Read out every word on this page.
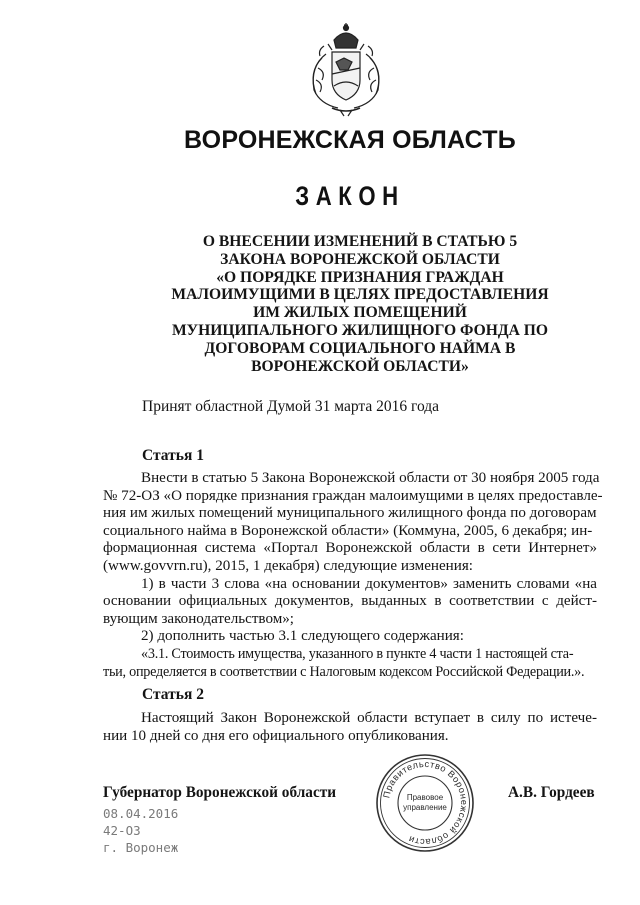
ВОРОНЕЖСКАЯ ОБЛАСТЬ
ЗАКОН
О ВНЕСЕНИИ ИЗМЕНЕНИЙ В СТАТЬЮ 5
ЗАКОНА ВОРОНЕЖСКОЙ ОБЛАСТИ
«О ПОРЯДКЕ ПРИЗНАНИЯ ГРАЖДАН
МАЛОИМУЩИМИ В ЦЕЛЯХ ПРЕДОСТАВЛЕНИЯ
ИМ ЖИЛЫХ ПОМЕЩЕНИЙ
МУНИЦИПАЛЬНОГО ЖИЛИЩНОГО ФОНДА ПО
ДОГОВОРАМ СОЦИАЛЬНОГО НАЙМА В
ВОРОНЕЖСКОЙ ОБЛАСТИ»
Принят областной Думой 31 марта 2016 года
Статья 1
Внести в статью 5 Закона Воронежской области от 30 ноября 2005 года
№ 72-ОЗ «О порядке признания граждан малоимущими в целях предоставле-
ния им жилых помещений муниципального жилищного фонда по договорам
социального найма в Воронежской области» (Коммуна, 2005, 6 декабря; ин-
формационная система «Портал Воронежской области в сети Интернет»
(www.govvrn.ru), 2015, 1 декабря) следующие изменения:
1) в части 3 слова «на основании документов» заменить словами «на
основании официальных документов, выданных в соответствии с дейст-
вующим законодательством»;
2) дополнить частью 3.1 следующего содержания:
«3.1. Стоимость имущества, указанного в пункте 4 части 1 настоящей ста-
тьи, определяется в соответствии с Налоговым кодексом Российской Федерации.».
Статья 2
Настоящий Закон Воронежской области вступает в силу по истече-
нии 10 дней со дня его официального опубликования.
Губернатор Воронежской области	А.В. Гордеев
08.04.2016
42-ОЗ
г. Воронеж
Правительство Воронежской области
Правовое
управление
